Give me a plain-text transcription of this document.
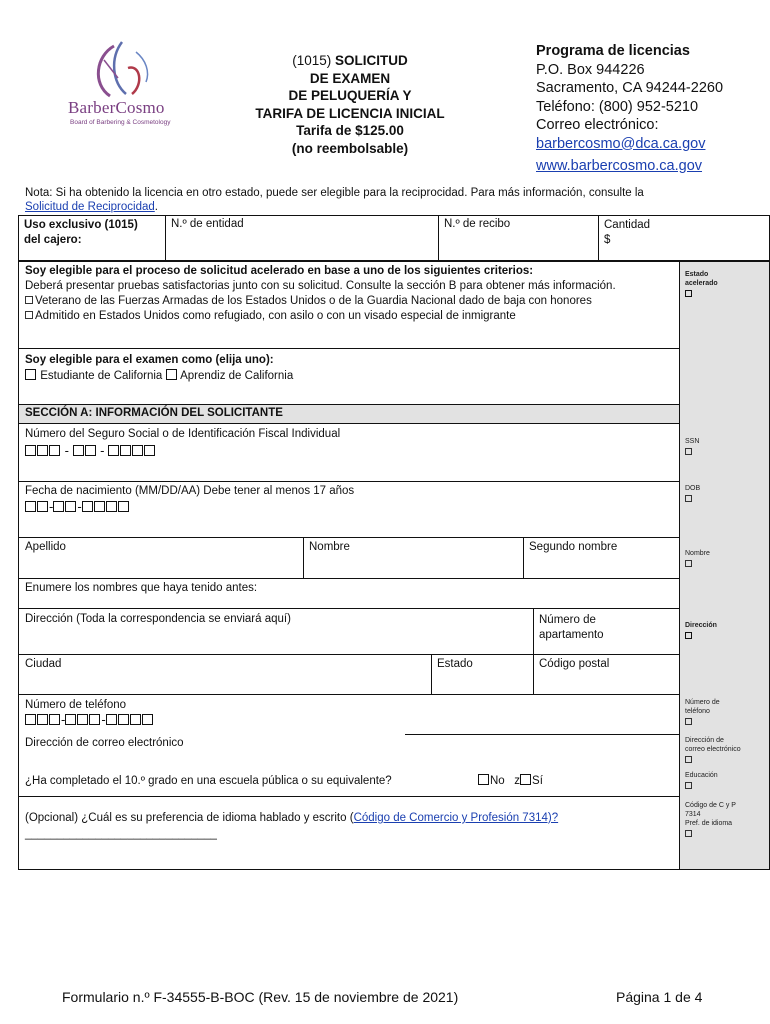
BarberCosmo
Board of Barbering & Cosmetology
(1015) SOLICITUD
DE EXAMEN
DE PELUQUERÍA Y
TARIFA DE LICENCIA INICIAL
Tarifa de $125.00
(no reembolsable)
Programa de licencias
P.O. Box 944226
Sacramento, CA 94244-2260
Teléfono: (800) 952-5210
Correo electrónico:
barbercosmo@dca.ca.gov
www.barbercosmo.ca.gov
Nota: Si ha obtenido la licencia en otro estado, puede ser elegible para la reciprocidad. Para más información, consulte la
Solicitud de Reciprocidad.
Uso exclusivo (1015)
del cajero:
N.º de entidad	N.º de recibo	Cantidad
$
Soy elegible para el proceso de solicitud acelerado en base a uno de los siguientes criterios:
Deberá presentar pruebas satisfactorias junto con su solicitud. Consulte la sección B para obtener más información.
Veterano de las Fuerzas Armadas de los Estados Unidos o de la Guardia Nacional dado de baja con honores
Admitido en Estados Unidos como refugiado, con asilo o con un visado especial de inmigrante
Soy elegible para el examen como (elija uno):
Estudiante de California Aprendiz de California
SECCIÓN A: INFORMACIÓN DEL SOLICITANTE
Número del Seguro Social o de Identificación Fiscal Individual
-  -
Fecha de nacimiento (MM/DD/AA) Debe tener al menos 17 años
- -
Apellido	Nombre	Segundo nombre
Enumere los nombres que haya tenido antes:
Dirección (Toda la correspondencia se enviará aquí)	Número de
apartamento
Ciudad	Estado	Código postal
Número de teléfono
-	-
Dirección de correo electrónico
¿Ha completado el 10.º grado en una escuela pública o su equivalente?	No   z Sí
(Opcional) ¿Cuál es su preferencia de idioma hablado y escrito (Código de Comercio y Profesión 7314)?
______________________________
Estado
acelerado
SSN
DOB
Nombre
Dirección
Número de
teléfono
Dirección de
correo electrónico
Educación
Código de C y P
7314
Pref. de idioma
Formulario n.º F-34555-B-BOC (Rev. 15 de noviembre de 2021)	Página 1 de 4
